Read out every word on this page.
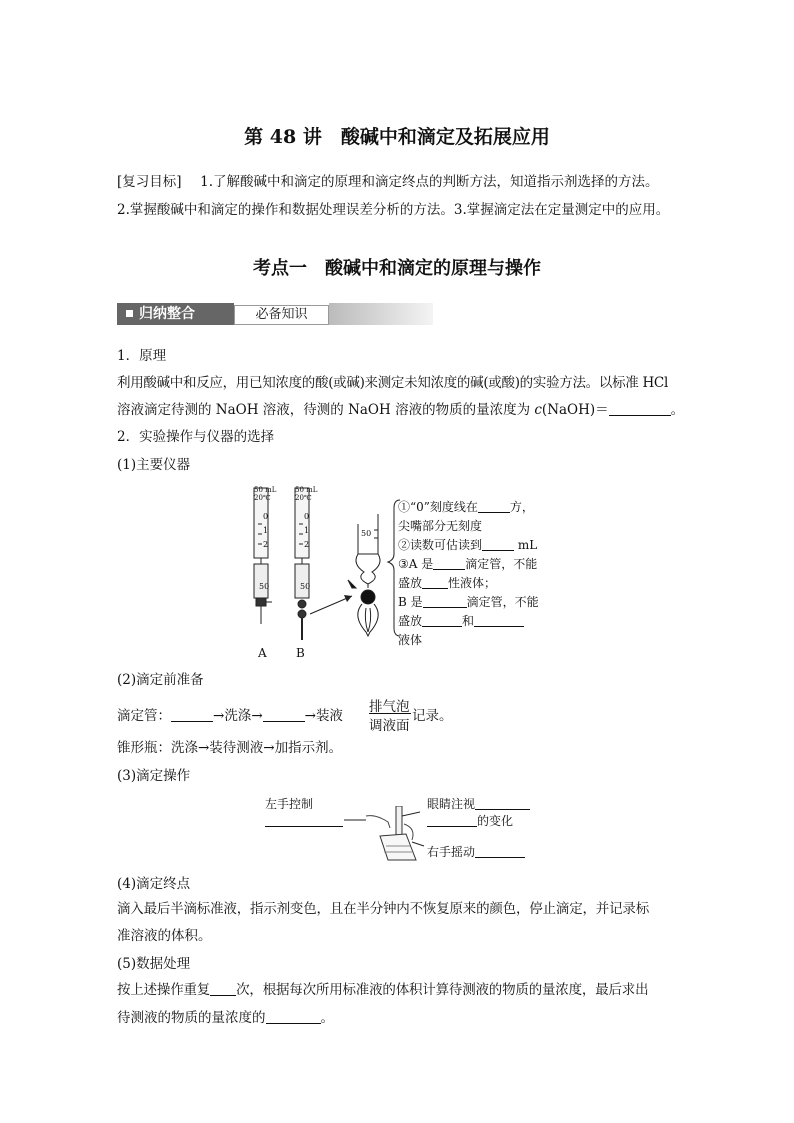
第 48 讲　酸碱中和滴定及拓展应用
[复习目标] 1.了解酸碱中和滴定的原理和滴定终点的判断方法，知道指示剂选择的方法。
2.掌握酸碱中和滴定的操作和数据处理误差分析的方法。3.掌握滴定法在定量测定中的应用。
考点一　酸碱中和滴定的原理与操作
归纳整合	必备知识
1．原理
利用酸碱中和反应，用已知浓度的酸(或碱)来测定未知浓度的碱(或酸)的实验方法。以标准 HCl
溶液滴定待测的 NaOH 溶液，待测的 NaOH 溶液的物质的量浓度为 c(NaOH)＝	。
2．实验操作与仪器的选择
(1)主要仪器
50 mL
20℃
50 mL
20℃
0
1
2
50
0
1
2
50
50
A B
①“0”刻度线在	方，
尖嘴部分无刻度
②读数可估读到	mL
③A 是	滴定管，不能
盛放 性液体；
B 是	滴定管，不能
盛放	和
液体
(2)滴定前准备
滴定管：	→洗涤→	→装液
排气泡
调液面
记录。
锥形瓶：洗涤→装待测液→加指示剂。
(3)滴定操作
左手控制	眼睛注视
的变化
右手摇动
(4)滴定终点
滴入最后半滴标准液，指示剂变色，且在半分钟内不恢复原来的颜色，停止滴定，并记录标
准溶液的体积。
(5)数据处理
按上述操作重复 次，根据每次所用标准液的体积计算待测液的物质的量浓度，最后求出
待测液的物质的量浓度的	。
